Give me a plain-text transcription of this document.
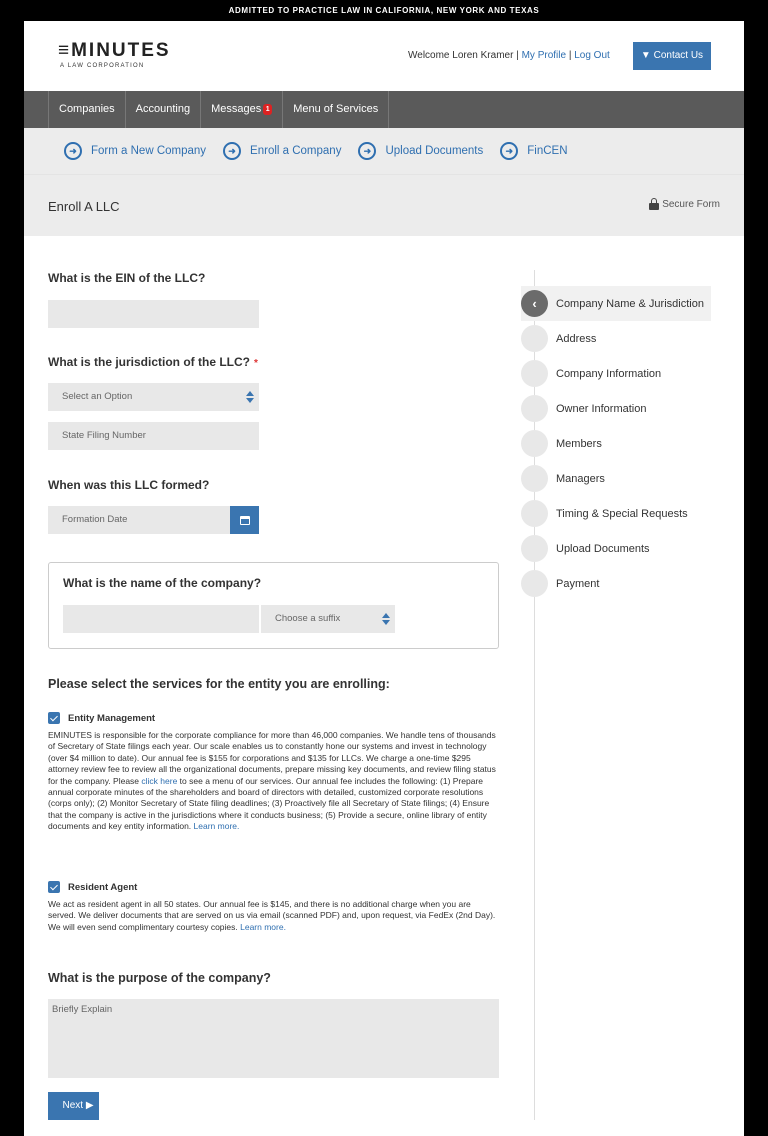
ADMITTED TO PRACTICE LAW IN CALIFORNIA, NEW YORK AND TEXAS
≡MINUTES
A LAW CORPORATION
Welcome Loren Kramer | My Profile | Log Out	▼ Contact Us
Companies	Accounting	Messages 1	Menu of Services
➜	Form a New Company	➜	Enroll a Company	➜	Upload Documents	➜	FinCEN
Enroll A LLC	Secure Form
What is the EIN of the LLC?
What is the jurisdiction of the LLC? *
Select an Option
State Filing Number
When was this LLC formed?
Formation Date
What is the name of the company?
Choose a suffix
Please select the services for the entity you are enrolling:
Entity Management
EMINUTES is responsible for the corporate compliance for more than 46,000 companies. We handle tens of thousands of Secretary of State filings each year. Our scale enables us to constantly hone our systems and invest in technology (over $4 million to date). Our annual fee is $155 for corporations and $135 for LLCs. We charge a one-time $295 attorney review fee to review all the organizational documents, prepare missing key documents, and review filing status for the company. Please click here to see a menu of our services. Our annual fee includes the following: (1) Prepare annual corporate minutes of the shareholders and board of directors with detailed, customized corporate resolutions (corps only); (2) Monitor Secretary of State filing deadlines; (3) Proactively file all Secretary of State filings; (4) Ensure that the company is active in the jurisdictions where it conducts business; (5) Provide a secure, online library of entity documents and key entity information. Learn more.
Resident Agent
We act as resident agent in all 50 states. Our annual fee is $145, and there is no additional charge when you are served. We deliver documents that are served on us via email (scanned PDF) and, upon request, via FedEx (2nd Day). We will even send complimentary courtesy copies. Learn more.
What is the purpose of the company?
Briefly Explain
Next ▶
‹	Company Name & Jurisdiction
Address
Company Information
Owner Information
Members
Managers
Timing & Special Requests
Upload Documents
Payment
